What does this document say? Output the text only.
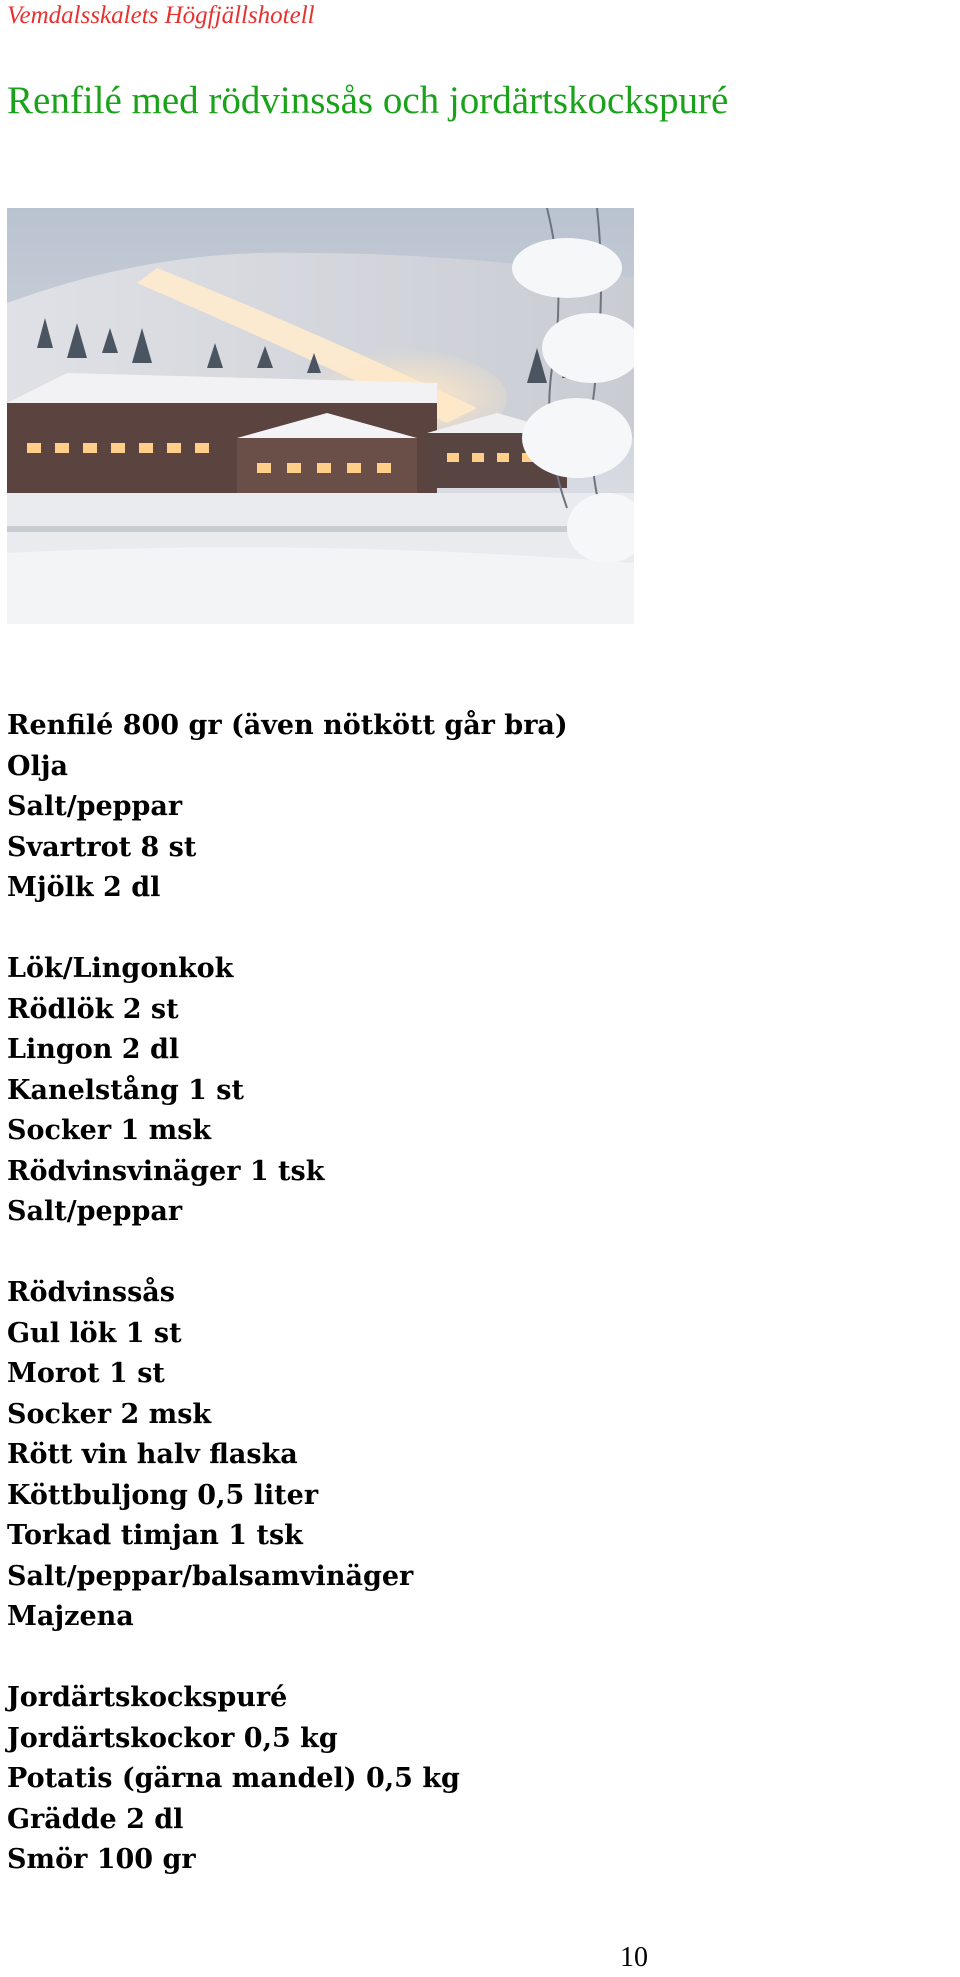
Vemdalsskalets Högfjällshotell
Renfilé med rödvinssås och jordärtskockspuré
Renfilé 800 gr (även nötkött går bra)
Olja
Salt/peppar
Svartrot 8 st
Mjölk 2 dl
Lök/Lingonkok
Rödlök 2 st
Lingon 2 dl
Kanelstång 1 st
Socker 1 msk
Rödvinsvinäger 1 tsk
Salt/peppar
Rödvinssås
Gul lök 1 st
Morot 1 st
Socker 2 msk
Rött vin halv flaska
Köttbuljong 0,5 liter
Torkad timjan 1 tsk
Salt/peppar/balsamvinäger
Majzena
Jordärtskockspuré
Jordärtskockor 0,5 kg
Potatis (gärna mandel) 0,5 kg
Grädde 2 dl
Smör 100 gr
10
